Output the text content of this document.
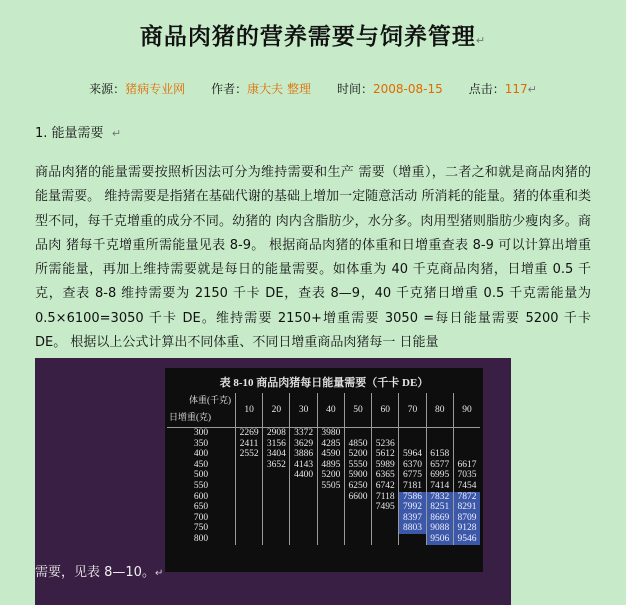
商品肉猪的营养需要与饲养管理↵
来源：猪病专业网 作者：康大夫 整理 时间：2008-08-15 点击：117↵
1. 能量需要 ↵
商品肉猪的能量需要按照析因法可分为维持需要和生产 需要（增重），二者之和就是商品肉猪的能量需要。 维持需要是指猪在基础代谢的基础上增加一定随意活动 所消耗的能量。猪的体重和类型不同，每千克增重的成分不同。幼猪的 肉内含脂肪少，水分多。肉用型猪则脂肪少瘦肉多。商品肉 猪每千克增重所需能量见表 8-9。 根据商品肉猪的体重和日增重查表 8-9 可以计算出增重 所需能量，再加上维持需要就是每日的能量需要。如体重为 40 千克商品肉猪，日增重 0.5 千克，查表 8-8 维持需要为 2150 千卡 DE，查表 8—9，40 千克猪日增重 0.5 千克需能量为 0.5×6100=3050 千卡 DE。维持需要 2150+增重需要 3050 =每日能量需要 5200 千卡 DE。 根据以上公式计算出不同体重、不同日增重商品肉猪每一 日能量
表 8-10 商品肉猪每日能量需要（千卡 DE）
体重(千克)
日增重(克)	10	20	30	40	50	60	70	80	90
300	2269	2908	3372	3980					
350	2411	3156	3629	4285	4850	5236			
400	2552	3404	3886	4590	5200	5612	5964	6158	
450		3652	4143	4895	5550	5989	6370	6577	6617
500			4400	5200	5900	6365	6775	6995	7035
550				5505	6250	6742	7181	7414	7454
600					6600	7118	7586	7832	7872
650						7495	7992	8251	8291
700							8397	8669	8709
750							8803	9088	9128
800								9506	9546
需要，见表 8—10。↵
